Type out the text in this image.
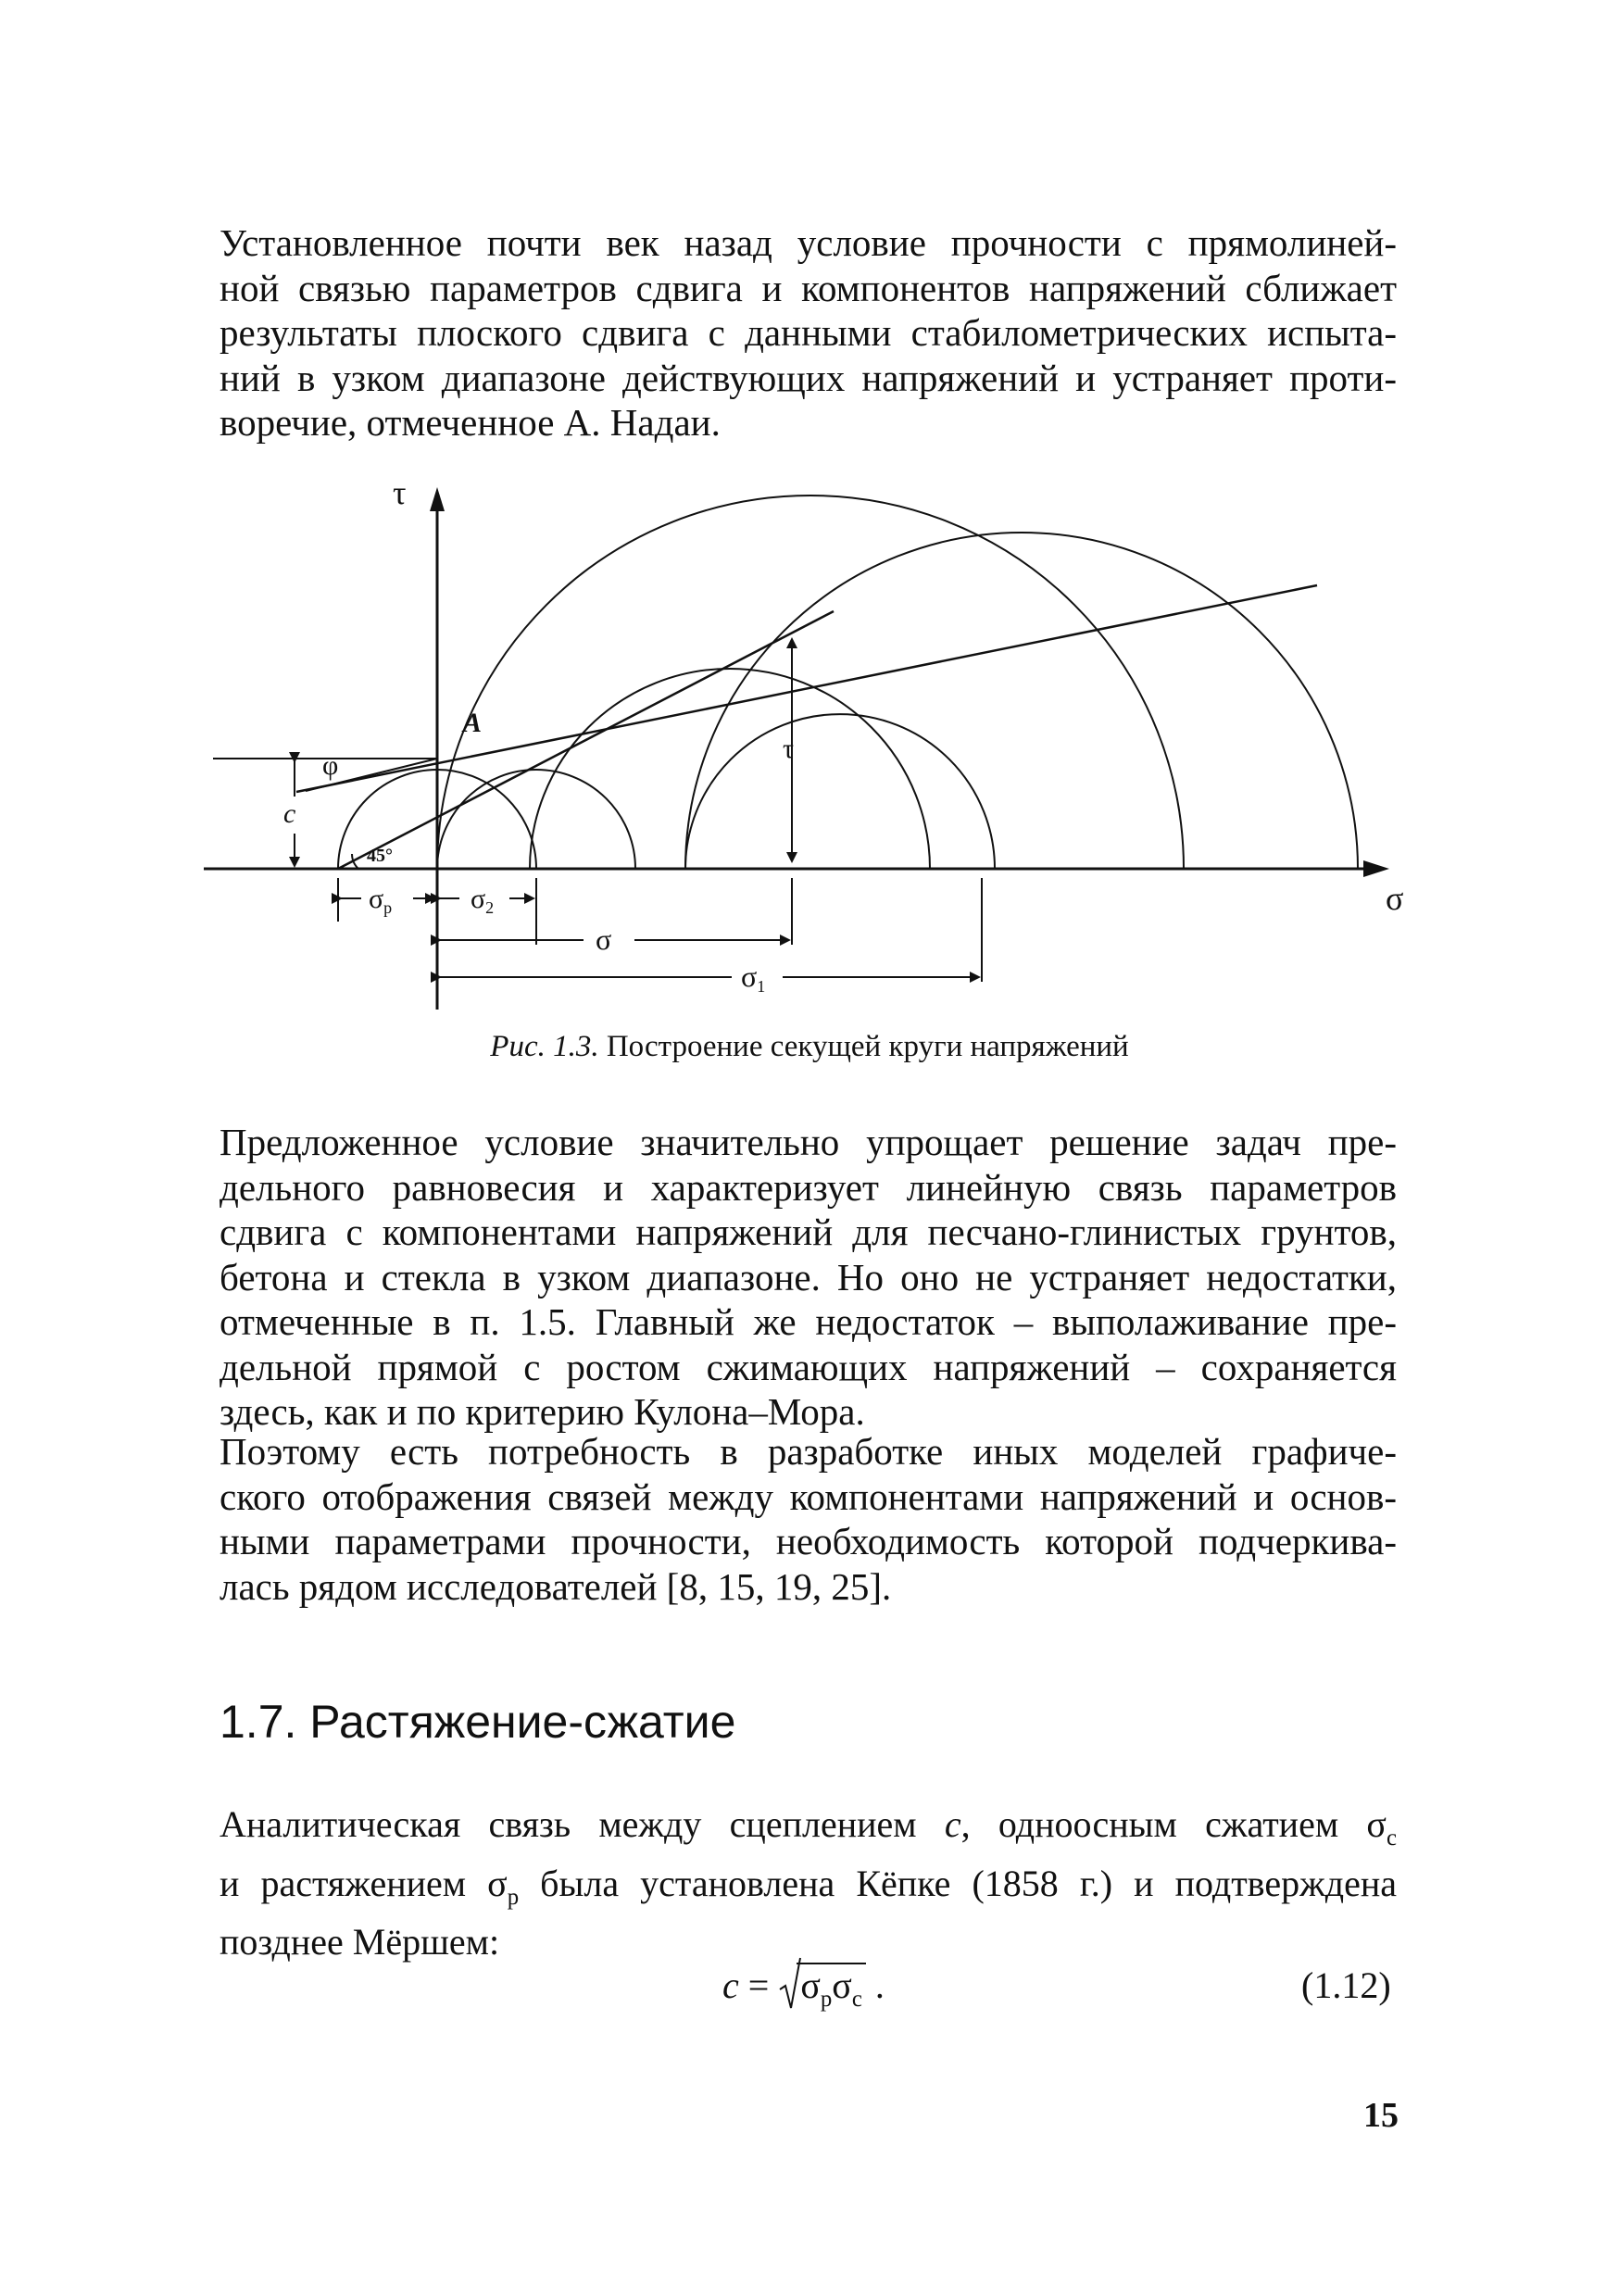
Установленное почти век назад условие прочности с прямолиней-
ной связью параметров сдвига и компонентов напряжений сближает
результаты плоского сдвига с данными стабилометрических испыта-
ний в узком диапазоне действующих напряжений и устраняет проти-
воречие, отмеченное А. Надаи.
τ
σ
A
φ
c
45°
τ
$\sigma_p$	$\sigma_2$
σ
σ1
Рис. 1.3. Построение секущей круги напряжений
Предложенное условие значительно упрощает решение задач пре-
дельного равновесия и характеризует линейную связь параметров
сдвига с компонентами напряжений для песчано-глинистых грунтов,
бетона и стекла в узком диапазоне. Но оно не устраняет недостатки,
отмеченные в п. 1.5. Главный же недостаток – выполаживание пре-
дельной прямой с ростом сжимающих напряжений – сохраняется
здесь, как и по критерию Кулона–Мора.
Поэтому есть потребность в разработке иных моделей графиче-
ского отображения связей между компонентами напряжений и основ-
ными параметрами прочности, необходимость которой подчеркива-
лась рядом исследователей [8, 15, 19, 25].
1.7. Растяжение-сжатие
Аналитическая связь между сцеплением c, одноосным сжатием $\sigma_c$
и растяжением $\sigma_p$ была установлена Кёпке (1858 г.) и подтверждена
позднее Мёршем:
c =
$\sigma_p\sigma_c$ .	(1.12)
15
